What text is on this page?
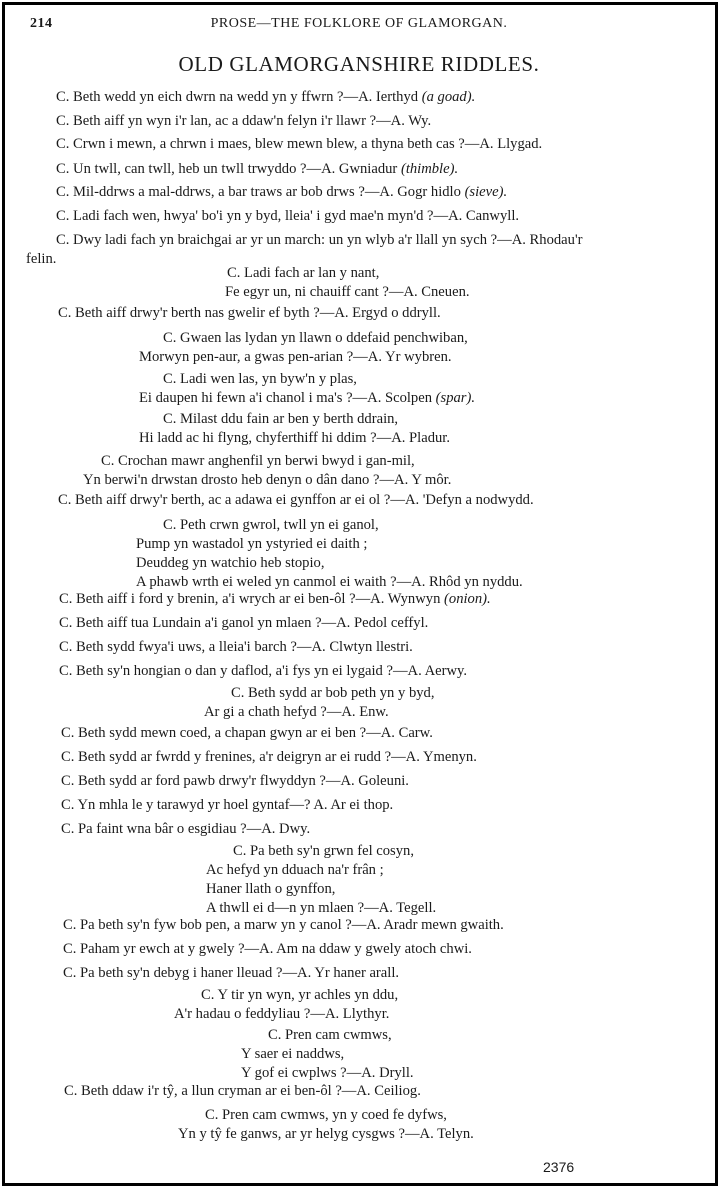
214	PROSE—THE FOLKLORE OF GLAMORGAN.
OLD GLAMORGANSHIRE RIDDLES.
C. Beth wedd yn eich dwrn na wedd yn y ffwrn ?—A. Ierthyd (a goad).
C. Beth aiff yn wyn i'r lan, ac a ddaw'n felyn i'r llawr ?—A. Wy.
C. Crwn i mewn, a chrwn i maes, blew mewn blew, a thyna beth cas ?—A. Llygad.
C. Un twll, can twll, heb un twll trwyddo ?—A. Gwniadur (thimble).
C. Mil-ddrws a mal-ddrws, a bar traws ar bob drws ?—A. Gogr hidlo (sieve).
C. Ladi fach wen, hwya' bo'i yn y byd, lleia' i gyd mae'n myn'd ?—A. Canwyll.
C. Dwy ladi fach yn braichgai ar yr un march: un yn wlyb a'r llall yn sych ?—A. Rhodau'r
felin.
C. Ladi fach ar lan y nant,
Fe egyr un, ni chauiff cant ?—A. Cneuen.
C. Beth aiff drwy'r berth nas gwelir ef byth ?—A. Ergyd o ddryll.
C. Gwaen las lydan yn llawn o ddefaid penchwiban,
Morwyn pen-aur, a gwas pen-arian ?—A. Yr wybren.
C. Ladi wen las, yn byw'n y plas,
Ei daupen hi fewn a'i chanol i ma's ?—A. Scolpen (spar).
C. Milast ddu fain ar ben y berth ddrain,
Hi ladd ac hi flyng, chyferthiff hi ddim ?—A. Pladur.
C. Crochan mawr anghenfil yn berwi bwyd i gan-mil,
Yn berwi'n drwstan drosto heb denyn o dân dano ?—A. Y môr.
C. Beth aiff drwy'r berth, ac a adawa ei gynffon ar ei ol ?—A. 'Defyn a nodwydd.
C. Peth crwn gwrol, twll yn ei ganol,
Pump yn wastadol yn ystyried ei daith ;
Deuddeg yn watchio heb stopio,
A phawb wrth ei weled yn canmol ei waith ?—A. Rhôd yn nyddu.
C. Beth aiff i ford y brenin, a'i wrych ar ei ben-ôl ?—A. Wynwyn (onion).
C. Beth aiff tua Lundain a'i ganol yn mlaen ?—A. Pedol ceffyl.
C. Beth sydd fwya'i uws, a lleia'i barch ?—A. Clwtyn llestri.
C. Beth sy'n hongian o dan y daflod, a'i fys yn ei lygaid ?—A. Aerwy.
C. Beth sydd ar bob peth yn y byd,
Ar gi a chath hefyd ?—A. Enw.
C. Beth sydd mewn coed, a chapan gwyn ar ei ben ?—A. Carw.
C. Beth sydd ar fwrdd y frenines, a'r deigryn ar ei rudd ?—A. Ymenyn.
C. Beth sydd ar ford pawb drwy'r flwyddyn ?—A. Goleuni.
C. Yn mhla le y tarawyd yr hoel gyntaf—? A. Ar ei thop.
C. Pa faint wna bâr o esgidiau ?—A. Dwy.
C. Pa beth sy'n grwn fel cosyn,
Ac hefyd yn dduach na'r frân ;
Haner llath o gynffon,
A thwll ei d—n yn mlaen ?—A. Tegell.
C. Pa beth sy'n fyw bob pen, a marw yn y canol ?—A. Aradr mewn gwaith.
C. Paham yr ewch at y gwely ?—A. Am na ddaw y gwely atoch chwi.
C. Pa beth sy'n debyg i haner lleuad ?—A. Yr haner arall.
C. Y tir yn wyn, yr achles yn ddu,
A'r hadau o feddyliau ?—A. Llythyr.
C. Pren cam cwmws,
Y saer ei naddws,
Y gof ei cwplws ?—A. Dryll.
C. Beth ddaw i'r tŷ, a llun cryman ar ei ben-ôl ?—A. Ceiliog.
C. Pren cam cwmws, yn y coed fe dyfws,
Yn y tŷ fe ganws, ar yr helyg cysgws ?—A. Telyn.
2376
